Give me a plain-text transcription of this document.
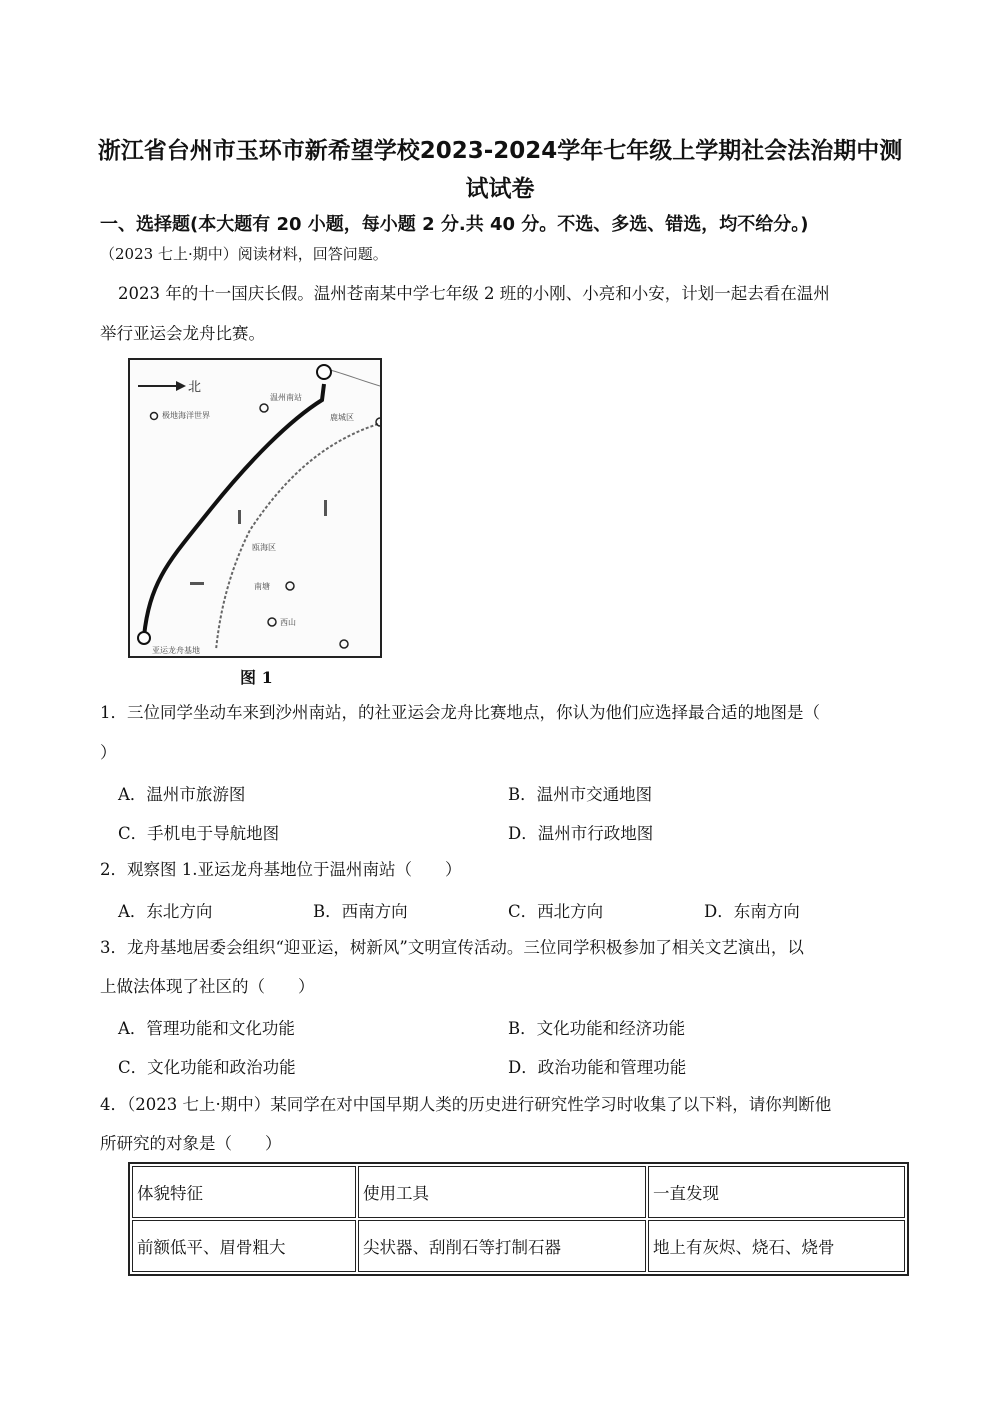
浙江省台州市玉环市新希望学校2023-2024学年七年级上学期社会法治期中测
试试卷
一、选择题(本大题有 20 小题，每小题 2 分.共 40 分。不选、多选、错选，均不给分。)
（2023 七上·期中）阅读材料，回答问题。
2023 年的十一国庆长假。温州苍南某中学七年级 2 班的小刚、小亮和小安，计划一起去看在温州
举行亚运会龙舟比赛。
北
亚运龙舟基地
温州南站
极地海洋世界
瓯海区
南塘
西山
鹿城区
图 1
1．三位同学坐动车来到沙州南站，的社亚运会龙舟比赛地点，你认为他们应选择最合适的地图是（
）
A．温州市旅游图	B．温州市交通地图
C．手机电于导航地图	D．温州市行政地图
2．观察图 1.亚运龙舟基地位于温州南站（　　）
A．东北方向	B．西南方向	C．西北方向	D．东南方向
3．龙舟基地居委会组织“迎亚运，树新风”文明宣传活动。三位同学积极参加了相关文艺演出，以
上做法体现了社区的（　　）
A．管理功能和文化功能	B．文化功能和经济功能
C．文化功能和政治功能	D．政治功能和管理功能
4．（2023 七上·期中）某同学在对中国早期人类的历史进行研究性学习时收集了以下料，请你判断他
所研究的对象是（　　）
体貌特征	使用工具	一直发现
前额低平、眉骨粗大	尖状器、刮削石等打制石器	地上有灰烬、烧石、烧骨
